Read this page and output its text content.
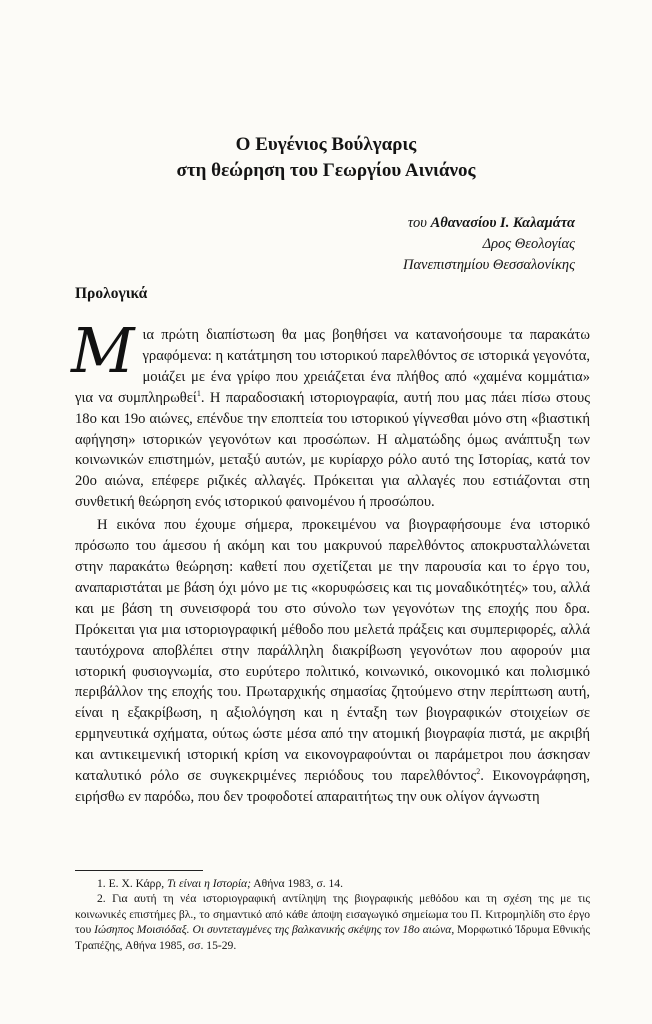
Ο Ευγένιος Βούλγαρις
στη θεώρηση του Γεωργίου Αινιάνος
του Αθανασίου Ι. Καλαμάτα
Δρος Θεολογίας
Πανεπιστημίου Θεσσαλονίκης
Προλογικά

Μια πρώτη διαπίστωση θα μας βοηθήσει να κατανοήσουμε τα παρακάτω γραφόμενα: η κατάτμηση του ιστορικού παρελθόντος σε ιστορικά γεγονότα, μοιάζει με ένα γρίφο που χρειάζεται ένα πλήθος από «χαμένα κομμάτια» για να συμπληρωθεί$^1$. Η παραδοσιακή ιστοριογραφία, αυτή που μας πάει πίσω στους 18ο και 19ο αιώνες, επένδυε την εποπτεία του ιστορικού γίγνεσθαι μόνο στη «βιαστική αφήγηση» ιστορικών γεγονότων και προσώπων. Η αλματώδης όμως ανάπτυξη των κοινωνικών επιστημών, μεταξύ αυτών, με κυρίαρχο ρόλο αυτό της Ιστορίας, κατά τον 20ο αιώνα, επέφερε ριζικές αλλαγές. Πρόκειται για αλλαγές που εστιάζονται στη συνθετική θεώρηση ενός ιστορικού φαινομένου ή προσώπου.

Η εικόνα που έχουμε σήμερα, προκειμένου να βιογραφήσουμε ένα ιστορικό πρόσωπο του άμεσου ή ακόμη και του μακρυνού παρελθόντος αποκρυσταλλώνεται στην παρακάτω θεώρηση: καθετί που σχετίζεται με την παρουσία και το έργο του, αναπαριστάται με βάση όχι μόνο με τις «κορυφώσεις και τις μοναδικότητές» του, αλλά και με βάση τη συνεισφορά του στο σύνολο των γεγονότων της εποχής που δρα. Πρόκειται για μια ιστοριογραφική μέθοδο που μελετά πράξεις και συμπεριφορές, αλλά ταυτόχρονα αποβλέπει στην παράλληλη διακρίβωση γεγονότων που αφορούν μια ιστορική φυσιογνωμία, στο ευρύτερο πολιτικό, κοινωνικό, οικονομικό και πολισμικό περιβάλλον της εποχής του. Πρωταρχικής σημασίας ζητούμενο στην περίπτωση αυτή, είναι η εξακρίβωση, η αξιολόγηση και η ένταξη των βιογραφικών στοιχείων σε ερμηνευτικά σχήματα, ούτως ώστε μέσα από την ατομική βιογραφία πιστά, με ακριβή και αντικειμενική ιστορική κρίση να εικονογραφούνται οι παράμετροι που άσκησαν καταλυτικό ρόλο σε συγκεκριμένες περιόδους του παρελθόντος$^2$. Εικονογράφηση, ειρήσθω εν παρόδω, που δεν τροφοδοτεί απαραιτήτως την ουκ ολίγον άγνωστη

1. Ε. Χ. Κάρρ, Τι είναι η Ιστορία; Αθήνα 1983, σ. 14.

2. Για αυτή τη νέα ιστοριογραφική αντίληψη της βιογραφικής μεθόδου και τη σχέση της με τις κοινωνικές επιστήμες βλ., το σημαντικό από κάθε άποψη εισαγωγικό σημείωμα του Π. Κιτρομηλίδη στο έργο του Ιώσηπος Μοισιόδαξ. Οι συντεταγμένες της βαλκανικής σκέψης τον 18ο αιώνα, Μορφωτικό Ίδρυμα Εθνικής Τραπέζης, Αθήνα 1985, σσ. 15-29.
